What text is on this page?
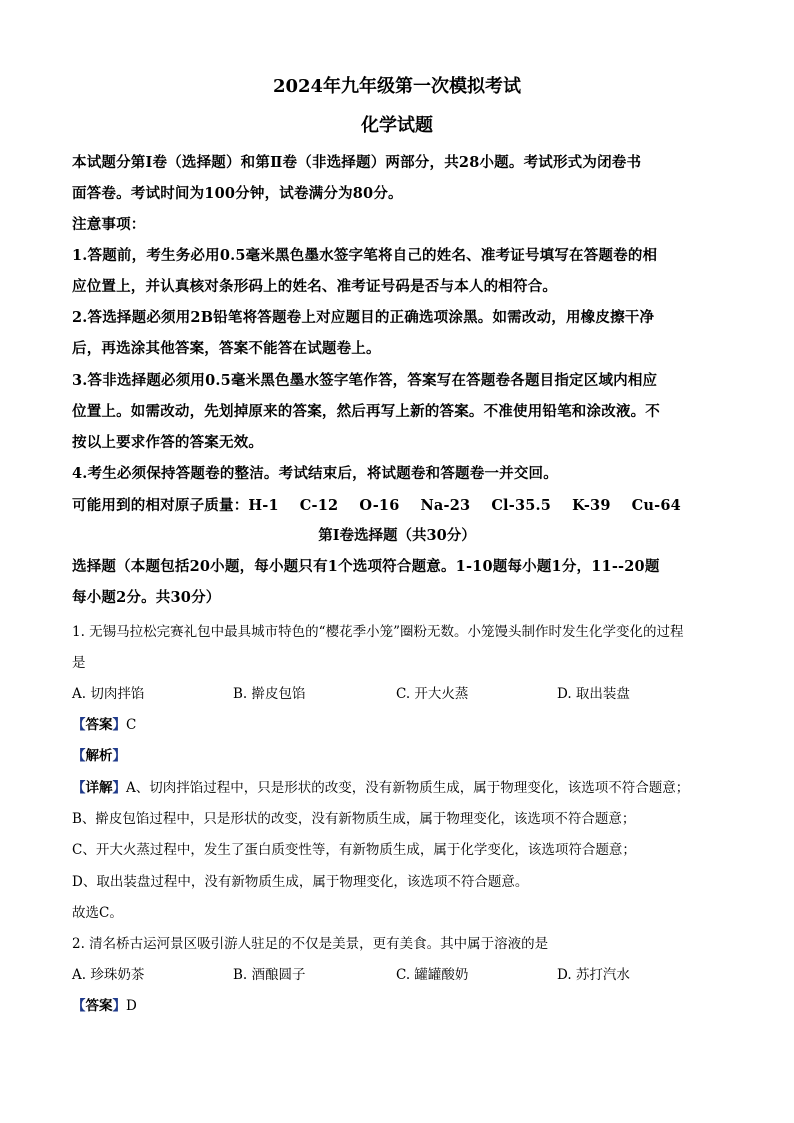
2024年九年级第一次模拟考试
化学试题
本试题分第Ⅰ卷（选择题）和第Ⅱ卷（非选择题）两部分，共28小题。考试形式为闭卷书
面答卷。考试时间为100分钟，试卷满分为80分。
注意事项：
1.答题前，考生务必用0.5毫米黑色墨水签字笔将自己的姓名、准考证号填写在答题卷的相
应位置上，并认真核对条形码上的姓名、准考证号码是否与本人的相符合。
2.答选择题必须用2B铅笔将答题卷上对应题目的正确选项涂黑。如需改动，用橡皮擦干净
后，再选涂其他答案，答案不能答在试题卷上。
3.答非选择题必须用0.5毫米黑色墨水签字笔作答，答案写在答题卷各题目指定区域内相应
位置上。如需改动，先划掉原来的答案，然后再写上新的答案。不准使用铅笔和涂改液。不
按以上要求作答的答案无效。
4.考生必须保持答题卷的整洁。考试结束后，将试题卷和答题卷一并交回。
可能用到的相对原子质量：H-1    C-12    O-16    Na-23    Cl-35.5    K-39    Cu-64
第Ⅰ卷选择题（共30分）
选择题（本题包括20小题，每小题只有1个选项符合题意。1-10题每小题1分，11--20题
每小题2分。共30分）
1. 无锡马拉松完赛礼包中最具城市特色的“樱花季小笼”圈粉无数。小笼馒头制作时发生化学变化的过程
是
A. 切肉拌馅	B. 擀皮包馅	C. 开大火蒸	D. 取出装盘
【答案】C
【解析】
【详解】A、切肉拌馅过程中，只是形状的改变，没有新物质生成，属于物理变化，该选项不符合题意；
B、擀皮包馅过程中，只是形状的改变，没有新物质生成，属于物理变化，该选项不符合题意；
C、开大火蒸过程中，发生了蛋白质变性等，有新物质生成，属于化学变化，该选项符合题意；
D、取出装盘过程中，没有新物质生成，属于物理变化，该选项不符合题意。
故选C。
2. 清名桥古运河景区吸引游人驻足的不仅是美景，更有美食。其中属于溶液的是
A. 珍珠奶茶	B. 酒酿圆子	C. 罐罐酸奶	D. 苏打汽水
【答案】D
